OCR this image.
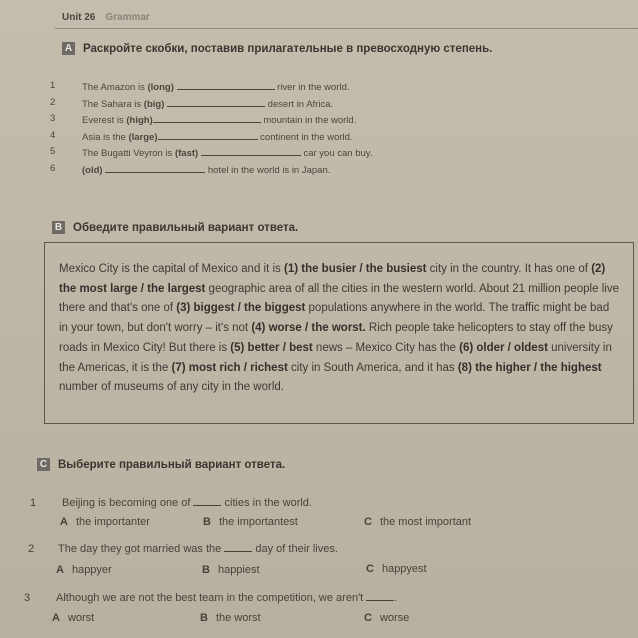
Unit 26 Grammar
A Раскройте скобки, поставив прилагательные в превосходную степень.
1	The Amazon is (long)	river in the world.
2	The Sahara is (big)	desert in Africa.
3	Everest is (high)	mountain in the world.
4	Asia is the (large)	continent in the world.
5	The Bugatti Veyron is (fast)	car you can buy.
6	(old)	hotel in the world is in Japan.
B Обведите правильный вариант ответа.
Mexico City is the capital of Mexico and it is (1) the busier / the busiest city in the country. It has one of (2) the most large / the largest geographic area of all the cities in the western world. About 21 million people live there and that's one of (3) biggest / the biggest populations anywhere in the world. The traffic might be bad in your town, but don't worry – it's not (4) worse / the worst. Rich people take helicopters to stay off the busy roads in Mexico City! But there is (5) better / best news – Mexico City has the (6) older / oldest university in the Americas, it is the (7) most rich / richest city in South America, and it has (8) the higher / the highest number of museums of any city in the world.
C Выберите правильный вариант ответа.
1 Beijing is becoming one of	cities in the world.
A the importanter	B the importantest	C the most important
2 The day they got married was the	day of their lives.
A happyer	B happiest	C happyest
3 Although we are not the best team in the competition, we aren't	.
A worst	B the worst	C worse
